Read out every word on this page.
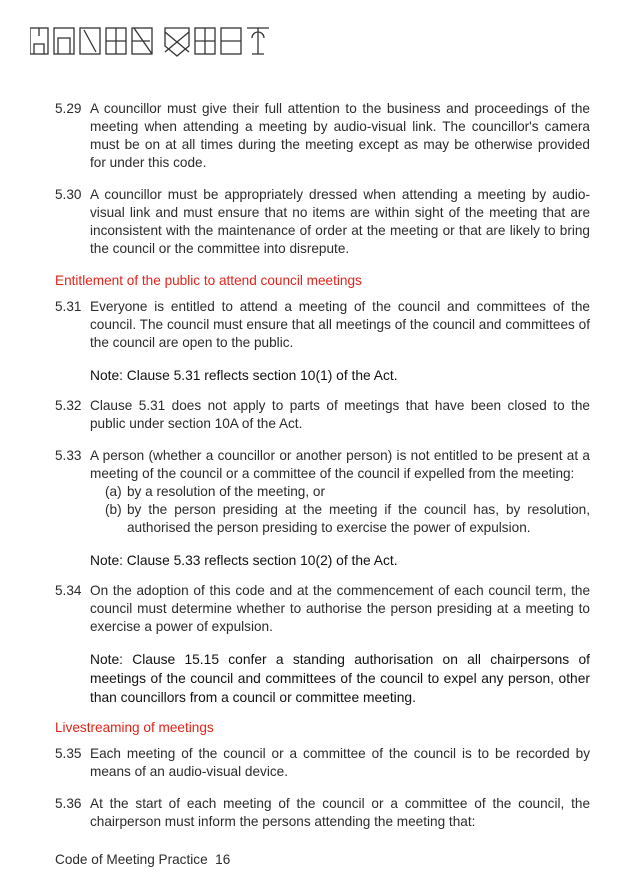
5.29 A councillor must give their full attention to the business and proceedings of the meeting when attending a meeting by audio-visual link. The councillor's camera must be on at all times during the meeting except as may be otherwise provided for under this code.
5.30 A councillor must be appropriately dressed when attending a meeting by audio-visual link and must ensure that no items are within sight of the meeting that are inconsistent with the maintenance of order at the meeting or that are likely to bring the council or the committee into disrepute.
Entitlement of the public to attend council meetings
5.31 Everyone is entitled to attend a meeting of the council and committees of the council. The council must ensure that all meetings of the council and committees of the council are open to the public.
Note: Clause 5.31 reflects section 10(1) of the Act.
5.32 Clause 5.31 does not apply to parts of meetings that have been closed to the public under section 10A of the Act.
5.33 A person (whether a councillor or another person) is not entitled to be present at a meeting of the council or a committee of the council if expelled from the meeting:
(a) by a resolution of the meeting, or
(b) by the person presiding at the meeting if the council has, by resolution, authorised the person presiding to exercise the power of expulsion.
Note: Clause 5.33 reflects section 10(2) of the Act.
5.34 On the adoption of this code and at the commencement of each council term, the council must determine whether to authorise the person presiding at a meeting to exercise a power of expulsion.
Note: Clause 15.15 confer a standing authorisation on all chairpersons of meetings of the council and committees of the council to expel any person, other than councillors from a council or committee meeting.
Livestreaming of meetings
5.35 Each meeting of the council or a committee of the council is to be recorded by means of an audio-visual device.
5.36 At the start of each meeting of the council or a committee of the council, the chairperson must inform the persons attending the meeting that:
Code of Meeting Practice  16
